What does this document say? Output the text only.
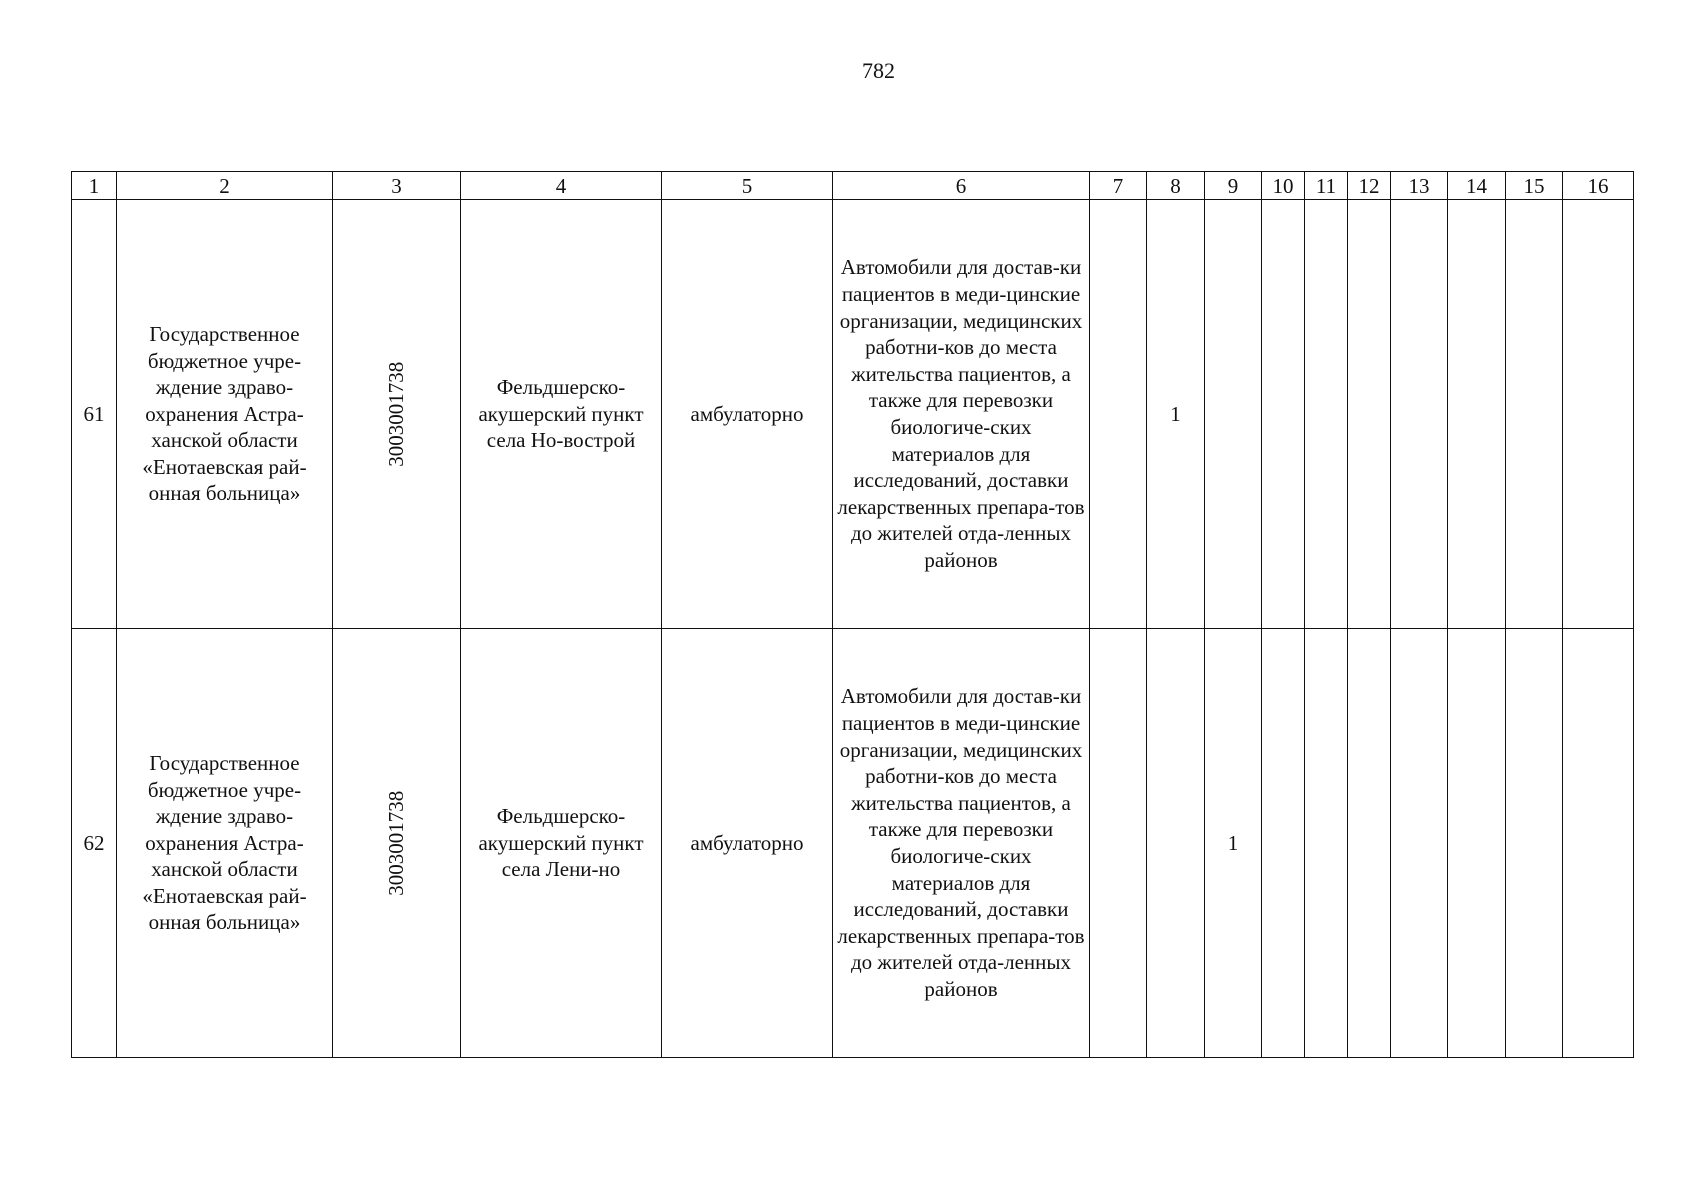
782
1	2	3	4	5	6	7	8	9	10	11	12	13	14	15	16
61	Государственное бюджетное учре-ждение здраво-охранения Астра-ханской области «Енотаевская рай-онная больница»	3003001738	Фельдшерско-акушерский пункт села Но-вострой	амбулаторно	Автомобили для достав-ки пациентов в меди-цинские организации, медицинских работни-ков до места жительства пациентов, а также для перевозки биологиче-ских материалов для исследований, доставки лекарственных препара-тов до жителей отда-ленных районов		1								
62	Государственное бюджетное учре-ждение здраво-охранения Астра-ханской области «Енотаевская рай-онная больница»	3003001738	Фельдшерско-акушерский пункт села Лени-но	амбулаторно	Автомобили для достав-ки пациентов в меди-цинские организации, медицинских работни-ков до места жительства пациентов, а также для перевозки биологиче-ских материалов для исследований, доставки лекарственных препара-тов до жителей отда-ленных районов			1							
